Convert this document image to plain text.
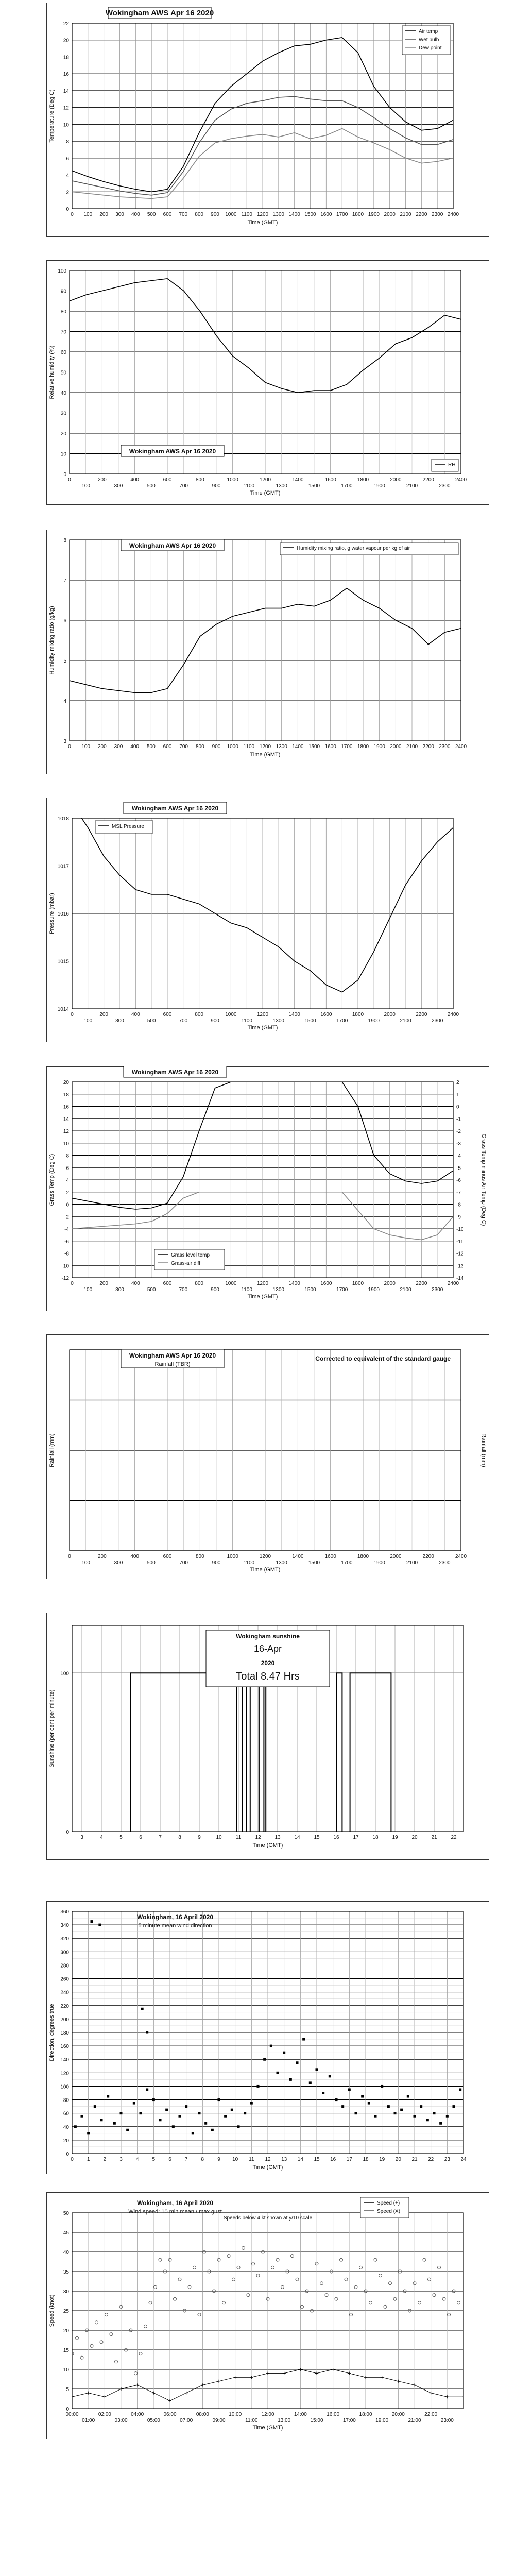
0
2
4
6
8
10
12
14
16
18
20
22
0 100 200 300 400 500 600 700 800 900 1000 1100 1200 1300 1400 1500 1600 1700 1800 1900 2000 2100 2200 2300 2400
Time (GMT)
Temperature (Deg C)
Wokingham AWS Apr 16 2020
Air temp
Wet bulb
Dew point
0
10
20
30
40
50
60
70
80
90
100
0	200	400	600	800	1000	1200	1400	1600	1800	2000	2200	2400
100	300	500	700	900	1100	1300	1500	1700	1900	2100	2300
Time (GMT)
Relative humidity (%)
Wokingham AWS Apr 16 2020
RH
3
4
5
6
7
8
0 100 200 300 400 500 600 700 800 900 1000 1100 1200 1300 1400 1500 1600 1700 1800 1900 2000 2100 2200 2300 2400
Time (GMT)
Humidity mixing ratio (g/kg)
Wokingham AWS Apr 16 2020	Humidity mixing ratio, g water vapour per kg of air
1014
1015
1016
1017
1018
0	200	400	600	800	1000	1200	1400	1600	1800	2000	2200	2400
100	300	500	700	900	1100	1300	1500	1700	1900	2100	2300
Time (GMT)
Pressure (mbar)
Wokingham AWS Apr 16 2020
MSL Pressure
-12
-10
-8
-6
-4
-2
0
2
4
6
8
10
12
14
16
18
20
-14
-13
-12
-11
-10
-9
-8
-7
-6
-5
-4
-3
-2
-1
0
1
2
0	200	400	600	800	1000	1200	1400	1600	1800	2000	2200	2400
100	300	500	700	900	1100	1300	1500	1700	1900	2100	2300
Time (GMT)
Grass Temp (Deg C)	Grass Temp minus Air Temp (Deg C)
Wokingham AWS Apr 16 2020
Grass level temp
Grass-air diff
0	200	400	600	800	1000	1200	1400	1600	1800	2000	2200	2400
100	300	500	700	900	1100	1300	1500	1700	1900	2100	2300
Time (GMT)
Rainfall (mm)	Rainfall (mm)
Wokingham AWS Apr 16 2020
Rainfall (TBR)
Corrected to equivalent of the standard gauge
0
100
3	4	5	6	7	8	9	10	11	12	13	14	15	16	17	18	19	20	21	22
Time (GMT)
Sunshine (per cent per minute)
Wokingham sunshine
16-Apr
2020
Total 8.47 Hrs
0
20
40
60
80
100
120
140
160
180
200
220
240
260
280
300
320
340
360
0	1	2	3	4	5	6	7	8	9 10 11 12 13 14 15 16 17 18 19 20 21 22 23 24
Time (GMT)
Direction, degrees true
Wokingham, 16 April 2020
5 minute mean wind direction
0
5
10
15
20
25
30
35
40
45
50
00:00	02:00	04:00	06:00	08:00	10:00	12:00	14:00	16:00	18:00	20:00	22:00
01:00	03:00	05:00	07:00	09:00	11:00	13:00	15:00	17:00	19:00	21:00	23:00
Time (GMT)
Speed (knot)
Wokingham, 16 April 2020
Wind speed: 10 min mean / max gust
Speeds below 4 kt shown at y/10 scale
Speed (+)
Speed (X)
